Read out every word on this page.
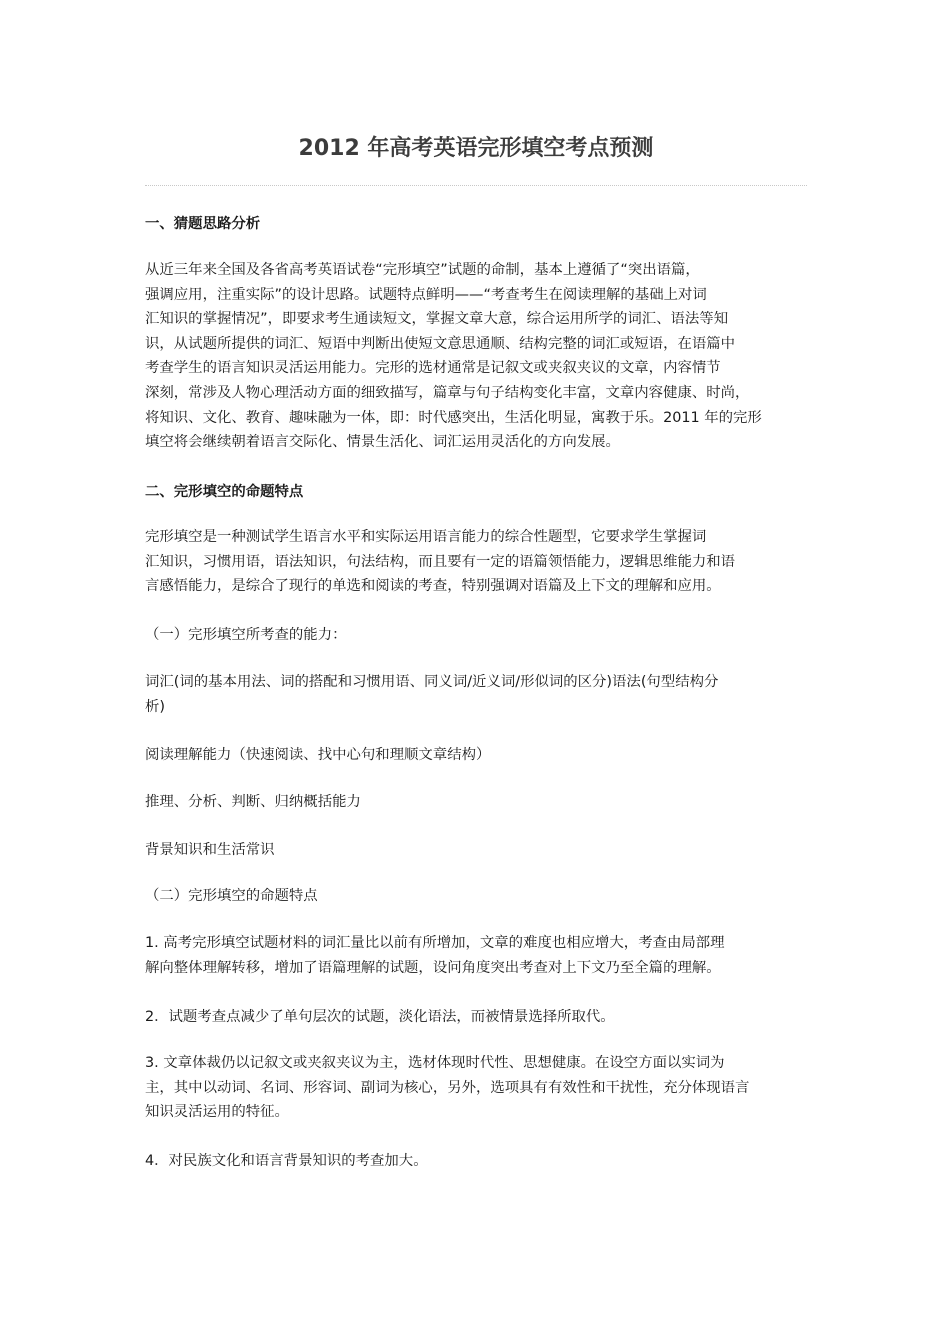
2012 年高考英语完形填空考点预测
一、猜题思路分析
从近三年来全国及各省高考英语试卷“完形填空”试题的命制，基本上遵循了“突出语篇，
强调应用，注重实际”的设计思路。试题特点鲜明——“考查考生在阅读理解的基础上对词
汇知识的掌握情况”，即要求考生通读短文，掌握文章大意，综合运用所学的词汇、语法等知
识，从试题所提供的词汇、短语中判断出使短文意思通顺、结构完整的词汇或短语，在语篇中
考查学生的语言知识灵活运用能力。完形的选材通常是记叙文或夹叙夹议的文章，内容情节
深刻，常涉及人物心理活动方面的细致描写，篇章与句子结构变化丰富，文章内容健康、时尚，
将知识、文化、教育、趣味融为一体，即：时代感突出，生活化明显，寓教于乐。2011 年的完形
填空将会继续朝着语言交际化、情景生活化、词汇运用灵活化的方向发展。
二、完形填空的命题特点
完形填空是一种测试学生语言水平和实际运用语言能力的综合性题型，它要求学生掌握词
汇知识，习惯用语，语法知识，句法结构，而且要有一定的语篇领悟能力，逻辑思维能力和语
言感悟能力，是综合了现行的单选和阅读的考查，特别强调对语篇及上下文的理解和应用。
（一）完形填空所考查的能力：
词汇(词的基本用法、词的搭配和习惯用语、同义词/近义词/形似词的区分)语法(句型结构分
析)
阅读理解能力（快速阅读、找中心句和理顺文章结构）
推理、分析、判断、归纳概括能力
背景知识和生活常识
（二）完形填空的命题特点
1. 高考完形填空试题材料的词汇量比以前有所增加，文章的难度也相应增大，考查由局部理
解向整体理解转移，增加了语篇理解的试题，设问角度突出考查对上下文乃至全篇的理解。
2．试题考查点减少了单句层次的试题，淡化语法，而被情景选择所取代。
3. 文章体裁仍以记叙文或夹叙夹议为主，选材体现时代性、思想健康。在设空方面以实词为
主，其中以动词、名词、形容词、副词为核心，另外，选项具有有效性和干扰性，充分体现语言
知识灵活运用的特征。
4．对民族文化和语言背景知识的考查加大。
